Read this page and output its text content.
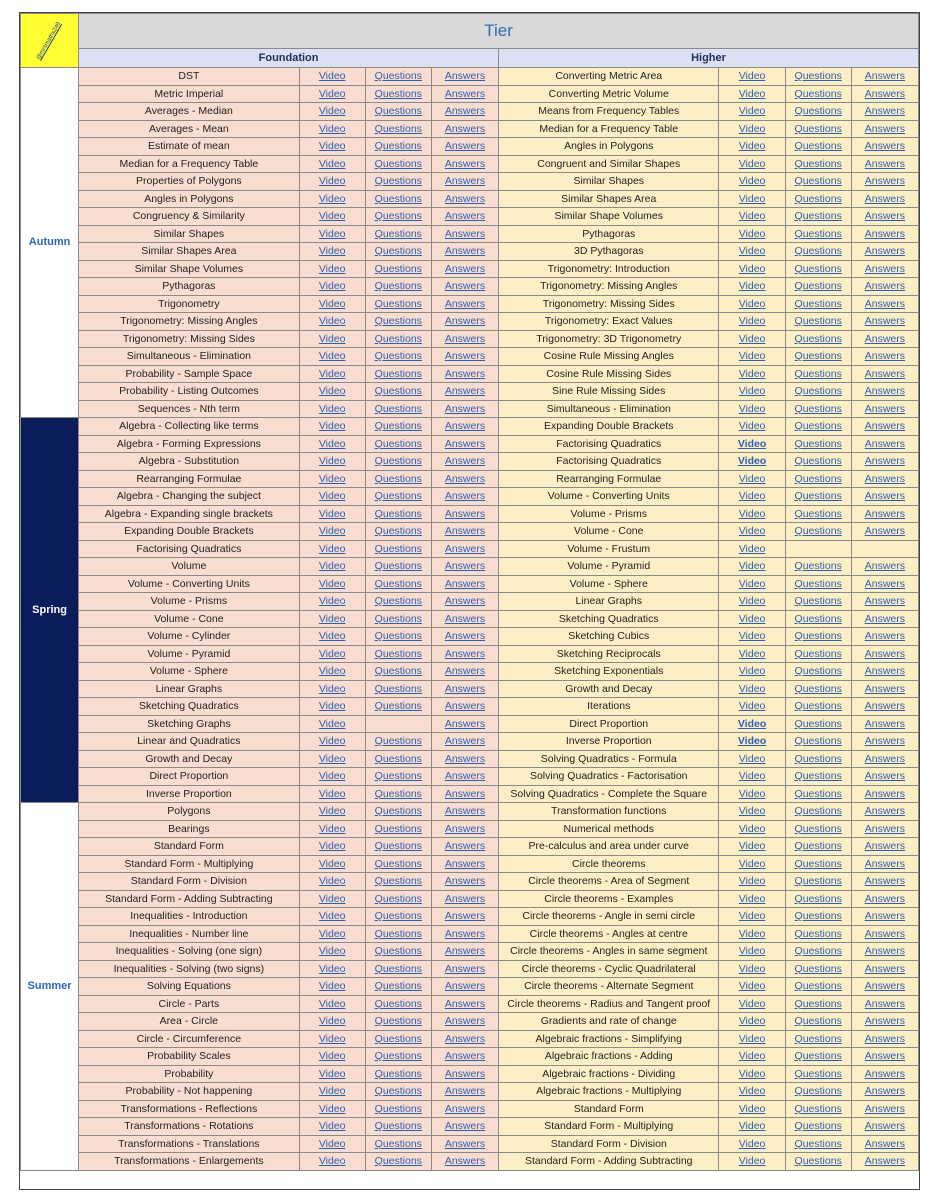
@mrsmaths249	Tier							
	Foundation				Higher			
Autumn	DST	Video	Questions	Answers	Converting Metric Area	Video	Questions	Answers
	Metric Imperial	Video	Questions	Answers	Converting Metric Volume	Video	Questions	Answers
	Averages - Median	Video	Questions	Answers	Means from Frequency Tables	Video	Questions	Answers
	Averages - Mean	Video	Questions	Answers	Median for a Frequency Table	Video	Questions	Answers
	Estimate of mean	Video	Questions	Answers	Angles in Polygons	Video	Questions	Answers
	Median for a Frequency Table	Video	Questions	Answers	Congruent and Similar Shapes	Video	Questions	Answers
	Properties of Polygons	Video	Questions	Answers	Similar Shapes	Video	Questions	Answers
	Angles in Polygons	Video	Questions	Answers	Similar Shapes Area	Video	Questions	Answers
	Congruency & Similarity	Video	Questions	Answers	Similar Shape Volumes	Video	Questions	Answers
	Similar Shapes	Video	Questions	Answers	Pythagoras	Video	Questions	Answers
	Similar Shapes Area	Video	Questions	Answers	3D Pythagoras	Video	Questions	Answers
	Similar Shape Volumes	Video	Questions	Answers	Trigonometry: Introduction	Video	Questions	Answers
	Pythagoras	Video	Questions	Answers	Trigonometry: Missing Angles	Video	Questions	Answers
	Trigonometry	Video	Questions	Answers	Trigonometry: Missing Sides	Video	Questions	Answers
	Trigonometry: Missing Angles	Video	Questions	Answers	Trigonometry: Exact Values	Video	Questions	Answers
	Trigonometry: Missing Sides	Video	Questions	Answers	Trigonometry: 3D Trigonometry	Video	Questions	Answers
	Simultaneous - Elimination	Video	Questions	Answers	Cosine Rule Missing Angles	Video	Questions	Answers
	Probability - Sample Space	Video	Questions	Answers	Cosine Rule Missing Sides	Video	Questions	Answers
	Probability - Listing Outcomes	Video	Questions	Answers	Sine Rule Missing Sides	Video	Questions	Answers
	Sequences - Nth term	Video	Questions	Answers	Simultaneous - Elimination	Video	Questions	Answers
Spring	Algebra - Collecting like terms	Video	Questions	Answers	Expanding Double Brackets	Video	Questions	Answers
	Algebra - Forming Expressions	Video	Questions	Answers	Factorising Quadratics	Video	Questions	Answers
	Algebra - Substitution	Video	Questions	Answers	Factorising Quadratics	Video	Questions	Answers
	Rearranging Formulae	Video	Questions	Answers	Rearranging Formulae	Video	Questions	Answers
	Algebra - Changing the subject	Video	Questions	Answers	Volume - Converting Units	Video	Questions	Answers
	Algebra - Expanding single brackets	Video	Questions	Answers	Volume - Prisms	Video	Questions	Answers
	Expanding Double Brackets	Video	Questions	Answers	Volume - Cone	Video	Questions	Answers
	Factorising Quadratics	Video	Questions	Answers	Volume - Frustum	Video		
	Volume	Video	Questions	Answers	Volume - Pyramid	Video	Questions	Answers
	Volume - Converting Units	Video	Questions	Answers	Volume - Sphere	Video	Questions	Answers
	Volume - Prisms	Video	Questions	Answers	Linear Graphs	Video	Questions	Answers
	Volume - Cone	Video	Questions	Answers	Sketching Quadratics	Video	Questions	Answers
	Volume - Cylinder	Video	Questions	Answers	Sketching Cubics	Video	Questions	Answers
	Volume - Pyramid	Video	Questions	Answers	Sketching Reciprocals	Video	Questions	Answers
	Volume - Sphere	Video	Questions	Answers	Sketching Exponentials	Video	Questions	Answers
	Linear Graphs	Video	Questions	Answers	Growth and Decay	Video	Questions	Answers
	Sketching Quadratics	Video	Questions	Answers	Iterations	Video	Questions	Answers
	Sketching Graphs	Video		Answers	Direct Proportion	Video	Questions	Answers
	Linear and Quadratics	Video	Questions	Answers	Inverse Proportion	Video	Questions	Answers
	Growth and Decay	Video	Questions	Answers	Solving Quadratics - Formula	Video	Questions	Answers
	Direct Proportion	Video	Questions	Answers	Solving Quadratics - Factorisation	Video	Questions	Answers
	Inverse Proportion	Video	Questions	Answers	Solving Quadratics - Complete the Square	Video	Questions	Answers
Summer	Polygons	Video	Questions	Answers	Transformation functions	Video	Questions	Answers
	Bearings	Video	Questions	Answers	Numerical methods	Video	Questions	Answers
	Standard Form	Video	Questions	Answers	Pre-calculus and area under curve	Video	Questions	Answers
	Standard Form - Multiplying	Video	Questions	Answers	Circle theorems	Video	Questions	Answers
	Standard Form - Division	Video	Questions	Answers	Circle theorems - Area of Segment	Video	Questions	Answers
	Standard Form - Adding Subtracting	Video	Questions	Answers	Circle theorems - Examples	Video	Questions	Answers
	Inequalities - Introduction	Video	Questions	Answers	Circle theorems - Angle in semi circle	Video	Questions	Answers
	Inequalities - Number line	Video	Questions	Answers	Circle theorems - Angles at centre	Video	Questions	Answers
	Inequalities - Solving (one sign)	Video	Questions	Answers	Circle theorems - Angles in same segment	Video	Questions	Answers
	Inequalities - Solving (two signs)	Video	Questions	Answers	Circle theorems - Cyclic Quadrilateral	Video	Questions	Answers
	Solving Equations	Video	Questions	Answers	Circle theorems - Alternate Segment	Video	Questions	Answers
	Circle - Parts	Video	Questions	Answers	Circle theorems - Radius and Tangent proof	Video	Questions	Answers
	Area - Circle	Video	Questions	Answers	Gradients and rate of change	Video	Questions	Answers
	Circle - Circumference	Video	Questions	Answers	Algebraic fractions - Simplifying	Video	Questions	Answers
	Probability Scales	Video	Questions	Answers	Algebraic fractions - Adding	Video	Questions	Answers
	Probability	Video	Questions	Answers	Algebraic fractions - Dividing	Video	Questions	Answers
	Probability - Not happening	Video	Questions	Answers	Algebraic fractions - Multiplying	Video	Questions	Answers
	Transformations - Reflections	Video	Questions	Answers	Standard Form	Video	Questions	Answers
	Transformations - Rotations	Video	Questions	Answers	Standard Form - Multiplying	Video	Questions	Answers
	Transformations - Translations	Video	Questions	Answers	Standard Form - Division	Video	Questions	Answers
	Transformations - Enlargements	Video	Questions	Answers	Standard Form - Adding Subtracting	Video	Questions	Answers
